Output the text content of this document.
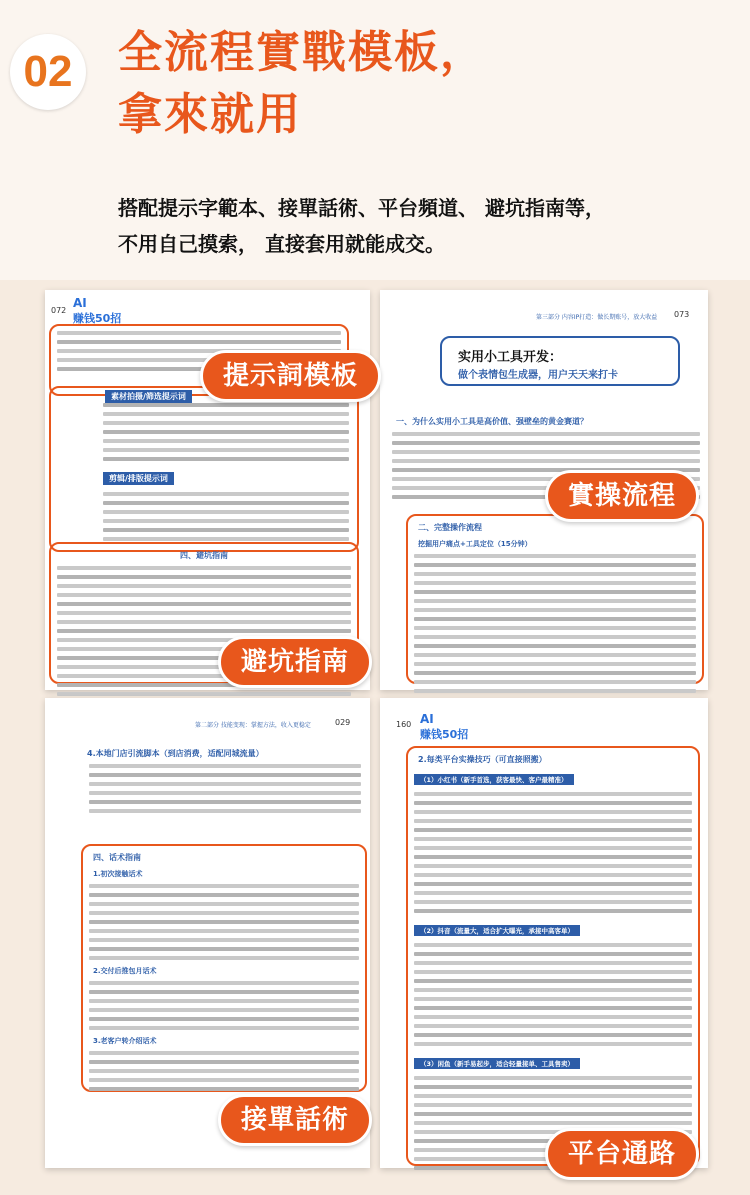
02	全流程實戰模板，
拿來就用
搭配提示字範本、接單話術、平台頻道、 避坑指南等，
不用自己摸索， 直接套用就能成交。
072
AI
赚钱50招
素材拍摄/筛选提示词
剪辑/排版提示词
四、避坑指南
第三部分 内容IP打造：做长期账号，放大收益 073
一、为什么实用小工具是高价值、强壁垒的黄金赛道？
二、完整操作流程
挖掘用户痛点+工具定位（15分钟）
实用小工具开发：
做个表情包生成器，用户天天来打卡
第二部分 技能变现：掌握方法，收入更稳定	029
4.本地门店引流脚本（到店消费，适配同城流量）
四、话术指南
1.初次接触话术
2.交付后推包月话术
3.老客户转介绍话术
160 AI
赚钱50招
2.每类平台实操技巧（可直接照搬）
（1）小红书（新手首选，获客最快、客户最精准）
（2）抖音（流量大，适合扩大曝光，承接中高客单）
（3）闲鱼（新手易起步，适合轻量接单、工具售卖）
提示詞模板
實操流程
避坑指南
接單話術
平台通路
